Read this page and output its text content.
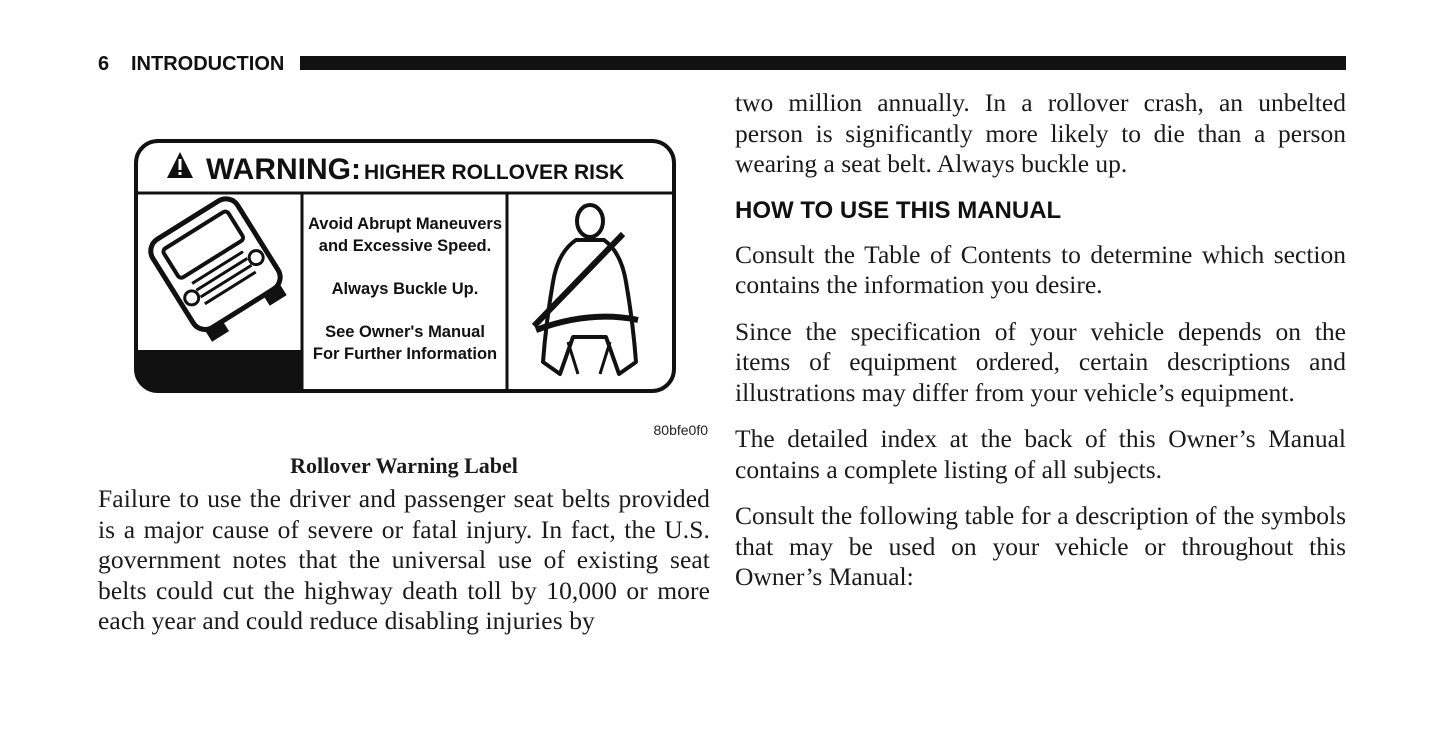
6 INTRODUCTION
WARNING: HIGHER ROLLOVER RISK
Avoid Abrupt Maneuvers
and Excessive Speed.
Always Buckle Up.
See Owner's Manual
For Further Information
80bfe0f0
Rollover Warning Label

Failure to use the driver and passenger seat belts provided is a major cause of severe or fatal injury. In fact, the U.S. government notes that the universal use of existing seat belts could cut the highway death toll by 10,000 or more each year and could reduce disabling injuries by

two million annually. In a rollover crash, an unbelted person is significantly more likely to die than a person wearing a seat belt. Always buckle up.

HOW TO USE THIS MANUAL

Consult the Table of Contents to determine which section contains the information you desire.

Since the specification of your vehicle depends on the items of equipment ordered, certain descriptions and illustrations may differ from your vehicle’s equipment.

The detailed index at the back of this Owner’s Manual contains a complete listing of all subjects.

Consult the following table for a description of the symbols that may be used on your vehicle or throughout this Owner’s Manual:
